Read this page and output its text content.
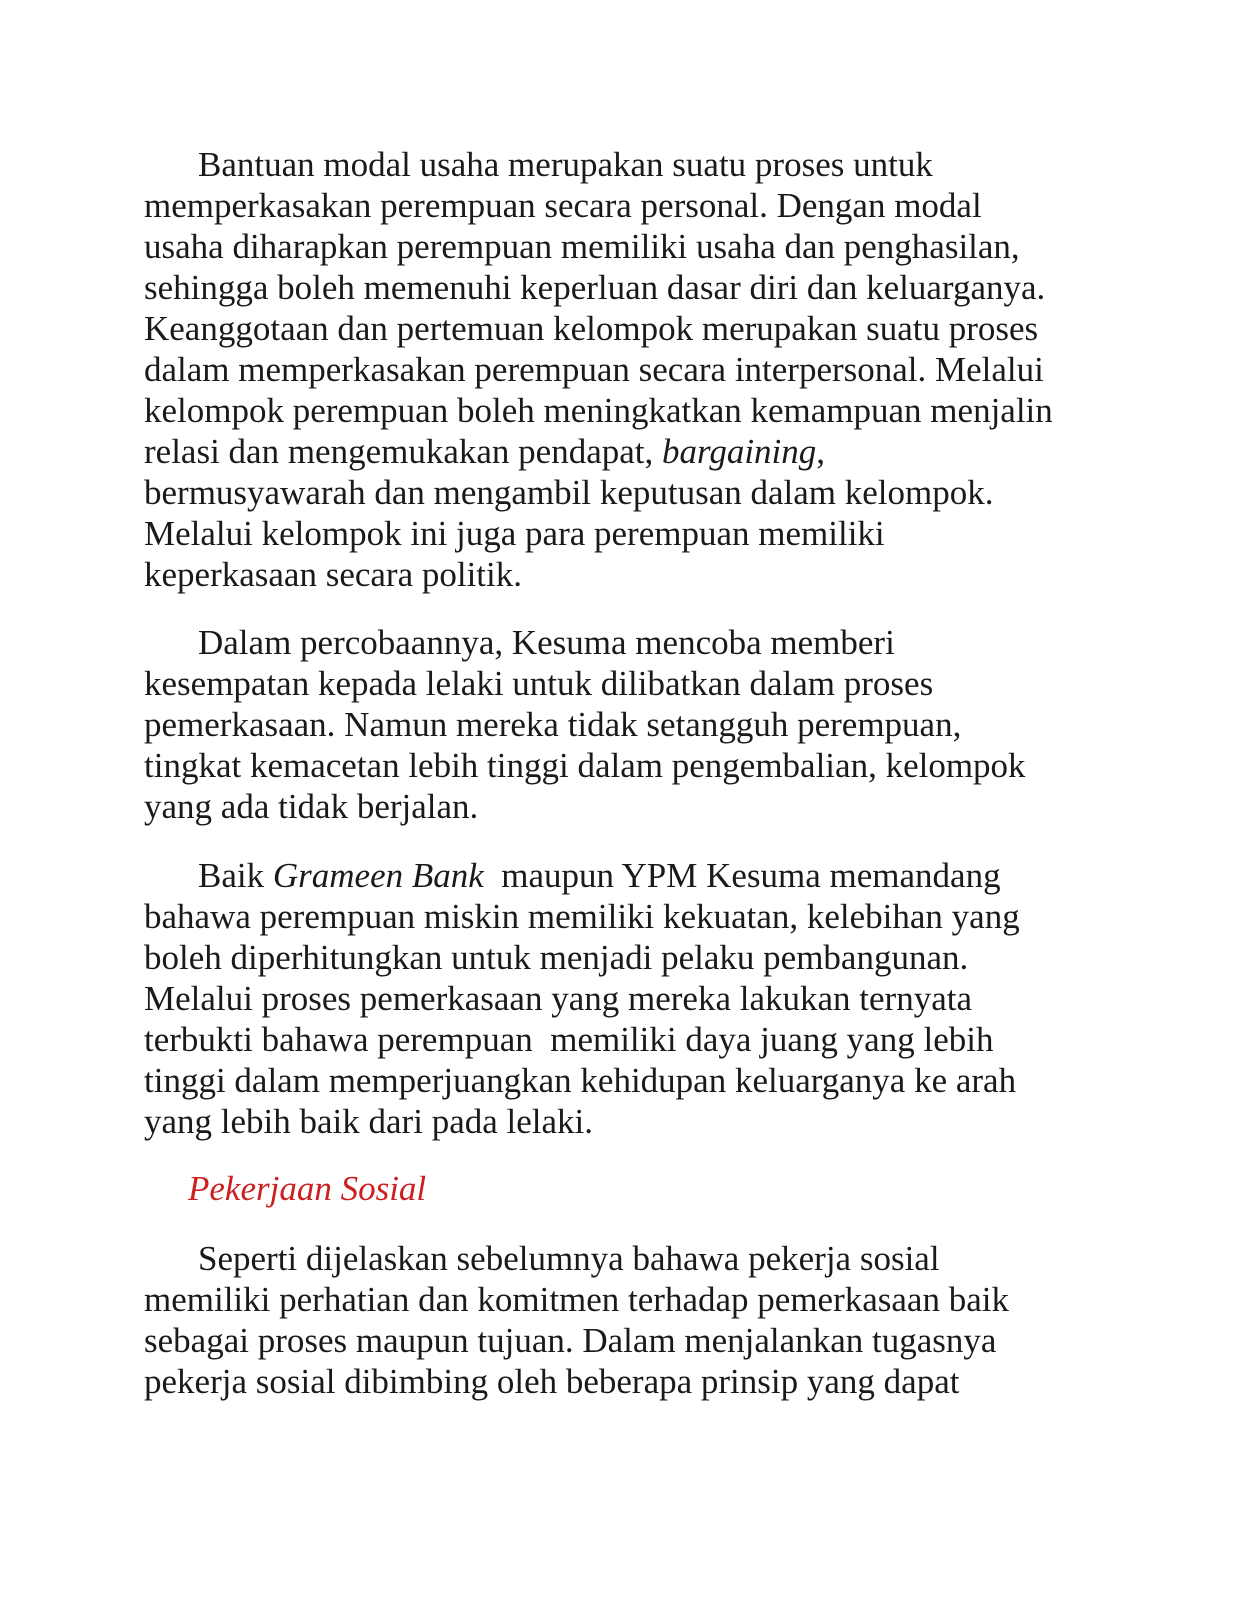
Bantuan modal usaha merupakan suatu proses untuk
memperkasakan perempuan secara personal. Dengan modal
usaha diharapkan perempuan memiliki usaha dan penghasilan,
sehingga boleh memenuhi keperluan dasar diri dan keluarganya.
Keanggotaan dan pertemuan kelompok merupakan suatu proses
dalam memperkasakan perempuan secara interpersonal. Melalui
kelompok perempuan boleh meningkatkan kemampuan menjalin
relasi dan mengemukakan pendapat, bargaining,
bermusyawarah dan mengambil keputusan dalam kelompok.
Melalui kelompok ini juga para perempuan memiliki
keperkasaan secara politik.
Dalam percobaannya, Kesuma mencoba memberi
kesempatan kepada lelaki untuk dilibatkan dalam proses
pemerkasaan. Namun mereka tidak setangguh perempuan,
tingkat kemacetan lebih tinggi dalam pengembalian, kelompok
yang ada tidak berjalan.
Baik Grameen Bank  maupun YPM Kesuma memandang
bahawa perempuan miskin memiliki kekuatan, kelebihan yang
boleh diperhitungkan untuk menjadi pelaku pembangunan.
Melalui proses pemerkasaan yang mereka lakukan ternyata
terbukti bahawa perempuan  memiliki daya juang yang lebih
tinggi dalam memperjuangkan kehidupan keluarganya ke arah
yang lebih baik dari pada lelaki.
Pekerjaan Sosial
Seperti dijelaskan sebelumnya bahawa pekerja sosial
memiliki perhatian dan komitmen terhadap pemerkasaan baik
sebagai proses maupun tujuan. Dalam menjalankan tugasnya
pekerja sosial dibimbing oleh beberapa prinsip yang dapat
